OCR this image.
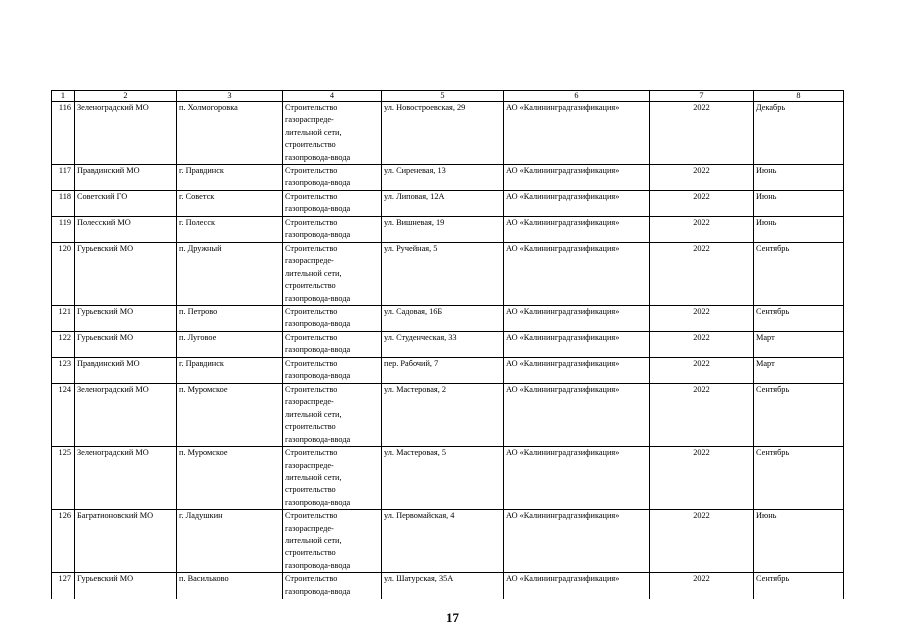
1	2	3	4	5	6	7	8
116	Зеленоградский МО	п. Холмогоровка	Строительство
газораспреде-
лительной сети,
строительство
газопровода-ввода	ул. Новостроевская, 29	АО «Калининградгазификация»	2022	Декабрь
117	Правдинский МО	г. Правдинск	Строительство
газопровода-ввода	ул. Сиреневая, 13	АО «Калининградгазификация»	2022	Июнь
118	Советский ГО	г. Советск	Строительство
газопровода-ввода	ул. Липовая, 12А	АО «Калининградгазификация»	2022	Июнь
119	Полесский МО	г. Полесск	Строительство
газопровода-ввода	ул. Вишневая, 19	АО «Калининградгазификация»	2022	Июнь
120	Гурьевский МО	п. Дружный	Строительство
газораспреде-
лительной сети,
строительство
газопровода-ввода	ул. Ручейная, 5	АО «Калининградгазификация»	2022	Сентябрь
121	Гурьевский МО	п. Петрово	Строительство
газопровода-ввода	ул. Садовая, 16Б	АО «Калининградгазификация»	2022	Сентябрь
122	Гурьевский МО	п. Луговое	Строительство
газопровода-ввода	ул. Студенческая, 33	АО «Калининградгазификация»	2022	Март
123	Правдинский МО	г. Правдинск	Строительство
газопровода-ввода	пер. Рабочий, 7	АО «Калининградгазификация»	2022	Март
124	Зеленоградский МО	п. Муромское	Строительство
газораспреде-
лительной сети,
строительство
газопровода-ввода	ул. Мастеровая, 2	АО «Калининградгазификация»	2022	Сентябрь
125	Зеленоградский МО	п. Муромское	Строительство
газораспреде-
лительной сети,
строительство
газопровода-ввода	ул. Мастеровая, 5	АО «Калининградгазификация»	2022	Сентябрь
126	Багратионовский МО	г. Ладушкин	Строительство
газораспреде-
лительной сети,
строительство
газопровода-ввода	ул. Первомайская, 4	АО «Калининградгазификация»	2022	Июнь
127	Гурьевский МО	п. Васильково	Строительство
газопровода-ввода	ул. Шатурская, 35А	АО «Калининградгазификация»	2022	Сентябрь
17
